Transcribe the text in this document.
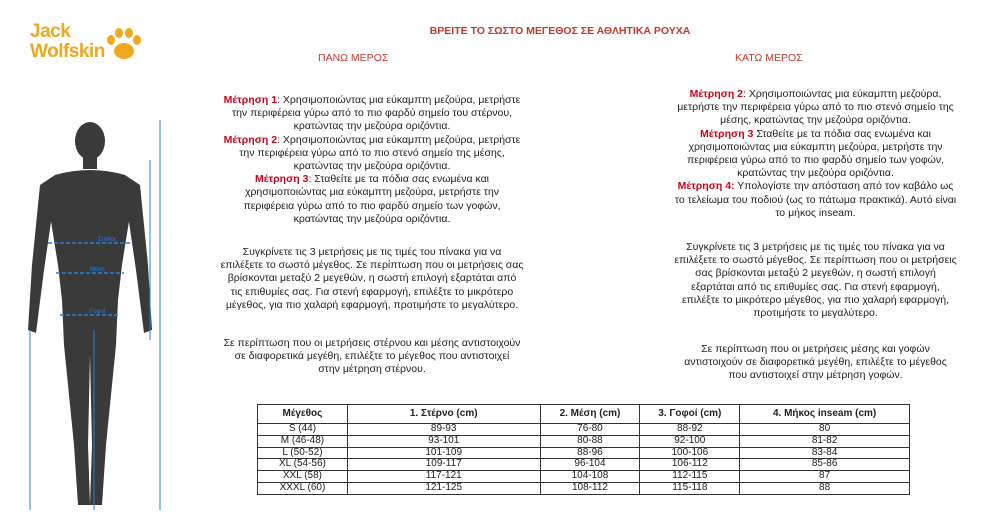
Jack
Wolfskin
Στήθος
Μέση
Γοφοί
ΒΡΕΙΤΕ ΤΟ ΣΩΣΤΟ ΜΕΓΕΘΟΣ ΣΕ ΑΘΛΗΤΙΚΑ ΡΟΥΧΑ
ΠΑΝΩ ΜΕΡΟΣ	ΚΑΤΩ ΜΕΡΟΣ

Μέτρηση 1: Χρησιμοποιώντας μια εύκαμπτη μεζούρα, μετρήστε

την περιφέρεια γύρω από το πιο φαρδύ σημείο του στέρνου,

κρατώντας την μεζούρα οριζόντια.

Μέτρηση 2: Χρησιμοποιώντας μια εύκαμπτη μεζούρα, μετρήστε

την περιφέρεια γύρω από το πιο στενό σημείο της μέσης,

κρατώντας την μεζούρα οριζόντια.

Μέτρηση 3: Σταθείτε με τα πόδια σας ενωμένα και

χρησιμοποιώντας μια εύκαμπτη μεζούρα, μετρήστε την

περιφέρεια γύρω από το πιο φαρδύ σημείο των γοφών,

κρατώντας την μεζούρα οριζόντια.

Συγκρίνετε τις 3 μετρήσεις με τις τιμές του πίνακα για να

επιλέξετε το σωστό μέγεθος. Σε περίπτωση που οι μετρήσεις σας

βρίσκονται μεταξύ 2 μεγεθών, η σωστή επιλογή εξαρτάται από

τις επιθυμίες σας. Για στενή εφαρμογή, επιλέξτε το μικρότερο

μέγεθος, για πιο χαλαρή εφαρμογή, προτιμήστε το μεγαλύτερο.

Σε περίπτωση που οι μετρήσεις στέρνου και μέσης αντιστοιχούν

σε διαφορετικά μεγέθη, επιλέξτε το μέγεθος που αντιστοιχεί

στην μέτρηση στέρνου.

Μέτρηση 2: Χρησιμοποιώντας μια εύκαμπτη μεζούρα,

μετρήστε την περιφέρεια γύρω από το πιο στενό σημείο της

μέσης, κρατώντας την μεζούρα οριζόντια.

Μέτρηση 3 Σταθείτε με τα πόδια σας ενωμένα και

χρησιμοποιώντας μια εύκαμπτη μεζούρα, μετρήστε την

περιφέρεια γύρω από το πιο φαρδύ σημείο των γοφών,

κρατώντας την μεζούρα οριζόντια.

Μέτρηση 4: Υπολογίστε την απόσταση από τον καβάλο ως

το τελείωμα του ποδιού (ως το πάτωμα πρακτικά). Αυτό είναι

το μήκος inseam.

Συγκρίνετε τις 3 μετρήσεις με τις τιμές του πίνακα για να

επιλέξετε το σωστό μέγεθος. Σε περίπτωση που οι μετρήσεις

σας βρίσκονται μεταξύ 2 μεγεθών, η σωστή επιλογή

εξαρτάται από τις επιθυμίες σας. Για στενή εφαρμογή,

επιλέξτε το μικρότερο μέγεθος, για πιο χαλαρή εφαρμογή,

προτιμήστε το μεγαλύτερο.

Σε περίπτωση που οι μετρήσεις μέσης και γοφών

αντιστοιχούν σε διαφορετικά μεγέθη, επιλέξτε το μέγεθος

που αντιστοιχεί στην μέτρηση γοφών.

Μέγεθος	1. Στέρνο (cm)	2. Μέση (cm)	3. Γοφοί (cm)	4. Μήκος inseam (cm)
S (44)	89-93	76-80	88-92	80
M (46-48)	93-101	80-88	92-100	81-82
L (50-52)	101-109	88-96	100-106	83-84
XL (54-56)	109-117	96-104	106-112	85-86
XXL (58)	117-121	104-108	112-115	87
XXXL (60)	121-125	108-112	115-118	88
